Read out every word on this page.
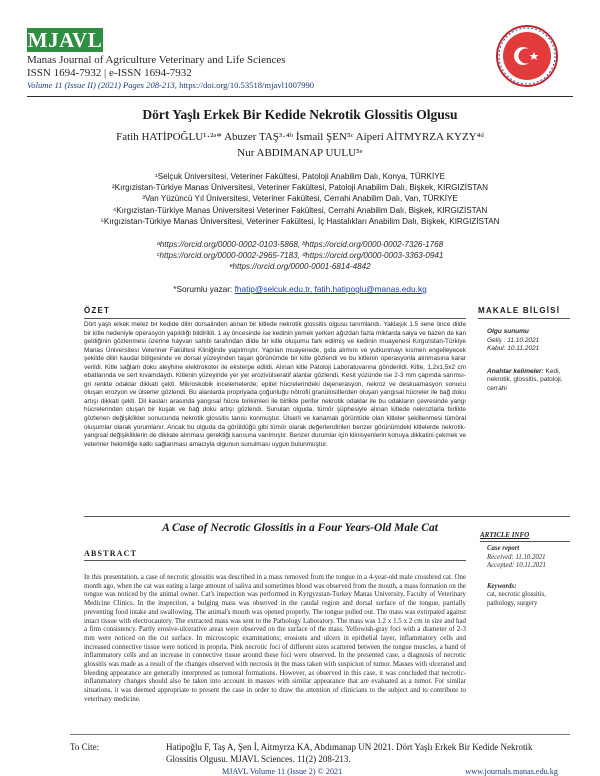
MJAVL
Manas Journal of Agriculture Veterinary and Life Sciences
ISSN 1694-7932 | e-ISSN 1694-7932
Volume 11 (Issue II) (2021) Pages 208-213, https://doi.org/10.53518/mjavl1007990
Dört Yaşlı Erkek Bir Kedide Nekrotik Glossitis Olgusu
Fatih HATİPOĞLU¹·²ᵃ* Abuzer TAŞ³·⁴ᵇ İsmail ŞEN⁵ᶜ Aiperi AİTMYRZA KYZY⁴ᵈ
Nur ABDIMANAP UULU⁵ᵉ
¹Selçuk Üniversitesi, Veteriner Fakültesi, Patoloji Anabilim Dalı, Konya, TÜRKİYE
²Kırgızistan-Türkiye Manas Üniversitesi, Veteriner Fakültesi, Patoloji Anabilim Dalı, Bişkek, KIRGIZİSTAN
³Van Yüzüncü Yıl Üniversitesi, Veteriner Fakültesi, Cerrahi Anabilim Dalı, Van, TÜRKİYE
⁴Kırgızistan-Türkiye Manas Üniversitesi Veteriner Fakültesi, Cerrahi Anabilim Dalı, Bişkek, KIRGIZİSTAN
⁵Kırgızistan-Türkiye Manas Üniversitesi, Veteriner Fakültesi, İç Hastalıkları Anabilim Dalı, Bişkek, KIRGIZİSTAN
ᵃhttps://orcid.org/0000-0002-0103-5868, ᵇhttps://orcid.org/0000-0002-7326-1768
ᶜhttps://orcid.org/0000-0002-2965-7183, ᵈhttps://orcid.org/0000-0003-3363-0941
ᵉhttps://orcid.org/0000-0001-6814-4842
*Sorumlu yazar: fhatip@selcuk.edu.tr, fatih.hatipoglu@manas.edu.kg
ÖZET
Dört yaşlı erkek melez bir kedide dilin dorsalinden alınan bir kitlede nekrotik glossitis olgusu tanımlandı. Yaklaşık 1.5 sene önce dilde bir kitle nedeniyle operasyon yapıldığı bildirildi. 1 ay öncesinde ise kedinin yemek yerken ağızdan fazla miktarda salya ve bazen de kan geldiğinin gözlenmesi üzerine hayvan sahibi tarafından dilde bir kitle oluşumu fark edilmiş ve kedinin muayenesi Kırgızistan-Türkiye Manas Üniversitesi Veteriner Fakültesi Kliniğinde yapılmıştır. Yapılan muayenede, gıda alımını ve yutkunmayı kısmen engelleyecek şekilde dilin kaudal bölgesinde ve dorsal yüzeyinden taşan görünümde bir kitle gözlendi ve bu kitlenin operasyonla alınmasına karar verildi. Kitle sağlam doku aleyhine elektrokoter ile eksterpe edildi. Alınan kitle Patoloji Laboratuvarına gönderildi. Kitle, 1,2x1,5x2 cm ebatlarında ve sert kıvamdaydı. Kitlenin yüzeyinde yer yer erozivülseratif alanlar gözlendi. Kesit yüzünde ise 2-3 mm çapında sarımsı-gri renkte odaklar dikkati çekti. Mikroskobik incelemelerde; epitel hücrelerindeki dejenerasyon, nekroz ve deskuamasyon sonucu oluşan erozyon ve ülserler gözlendi. Bu alanlarda propriyada çoğunluğu nötrofil granülositlerden oluşan yangısal hücreler ile bağ doku artışı dikkati çekti. Dil kasları arasında yangısal hücre birikimleri ile birlikte perifer nekrotik odaklar ile bu odakların çevresinde yangı hücrelerinden oluşan bir kuşak ve bağ doku artışı gözlendi. Sunulan olguda, tümör şüphesiyle alınan kitlede nekrozlarla birlikte gözlenen değişiklikler sonucunda nekrotik glossitis tanısı konmuştur. Ülserli ve kanamalı görüntüde olan kitleler şekillenmesi tümöral oluşumlar olarak yorumlanır. Ancak bu olguda da görüldüğü gibi tümör olarak değerlendirilen benzer görünümdeki kitlelerde nekrotik-yangısal değişikliklerin de dikkate alınması gerektiği kanısına varılmıştır. Benzer durumlar için klinisyenlerin konuya dikkatini çekmek ve veteriner hekimliğe katkı sağlanması amacıyla olgunun sunulması uygun bulunmuştur.
MAKALE BİLGİSİ
Olgu sunumu
Geliş : 11.10.2021
Kabul: 10.11.2021
Anahtar kelimeler: Kedi, nekrotik, glossitis, patoloji, cerrahi
A Case of Necrotic Glossitis in a Four Years-Old Male Cat
ABSTRACT
In this presentation, a case of necrotic glossitis was described in a mass removed from the tongue in a 4-year-old male crossbred cat. One month ago, when the cat was eating a large amount of saliva and sometimes blood was observed from the mouth, a mass formation on the tongue was noticed by the animal owner. Cat's inspection was performed in Kyrgyzstan-Turkey Manas University, Faculty of Veterinary Medicine Clinics. In the inspection, a bulging mass was observed in the caudal region and dorsal surface of the tongue, partially preventing food intake and swallowing. The animal's mouth was opened properly. The tongue pulled out. The mass was extirpated against intact tissue with electrocautery. The extracted mass was sent to the Pathology Laboratory. The mass was 1.2 x 1.5 x 2 cm in size and had a firm consistency. Partly erosive-ulcerative areas were observed on the surface of the mass. Yellowish-gray foci with a diameter of 2-3 mm were noticed on the cut surface. In microscopic examinations; erosions and ulcers in epithelial layer, inflammatory cells and increased connective tissue were noticed in propria. Pink necrotic foci of different sizes scattered between the tongue muscles, a band of inflammatory cells and an increase in connective tissue around these foci were observed. In the presented case, a diagnosis of necrotic glossitis was made as a result of the changes observed with necrosis in the mass taken with suspicion of tumor. Masses with ulcerated and bleeding appearance are generally interpreted as tumoral formations. However, as observed in this case, it was concluded that necrotic-inflammatory changes should also be taken into account in masses with similar appearance that are evaluated as a tumor. For similar situations, it was deemed appropriate to present the case in order to draw the attention of clinicians to the subject and to contribute to veterinary medicine.
ARTICLE INFO
Case report
Received: 11.10.2021
Accepted: 10.11.2021
Keywords:
cat, necrotic glossitis, pathology, surgery
To Cite:	Hatipoğlu F, Taş A, Şen İ, Aitmyrza KA, Abdımanap UN 2021. Dört Yaşlı Erkek Bir Kedide Nekrotik Glossitis Olgusu. MJAVL Sciences. 11(2) 208-213.
MJAVL Volume 11 (Issue 2) © 2021	www.journals.manas.edu.kg
